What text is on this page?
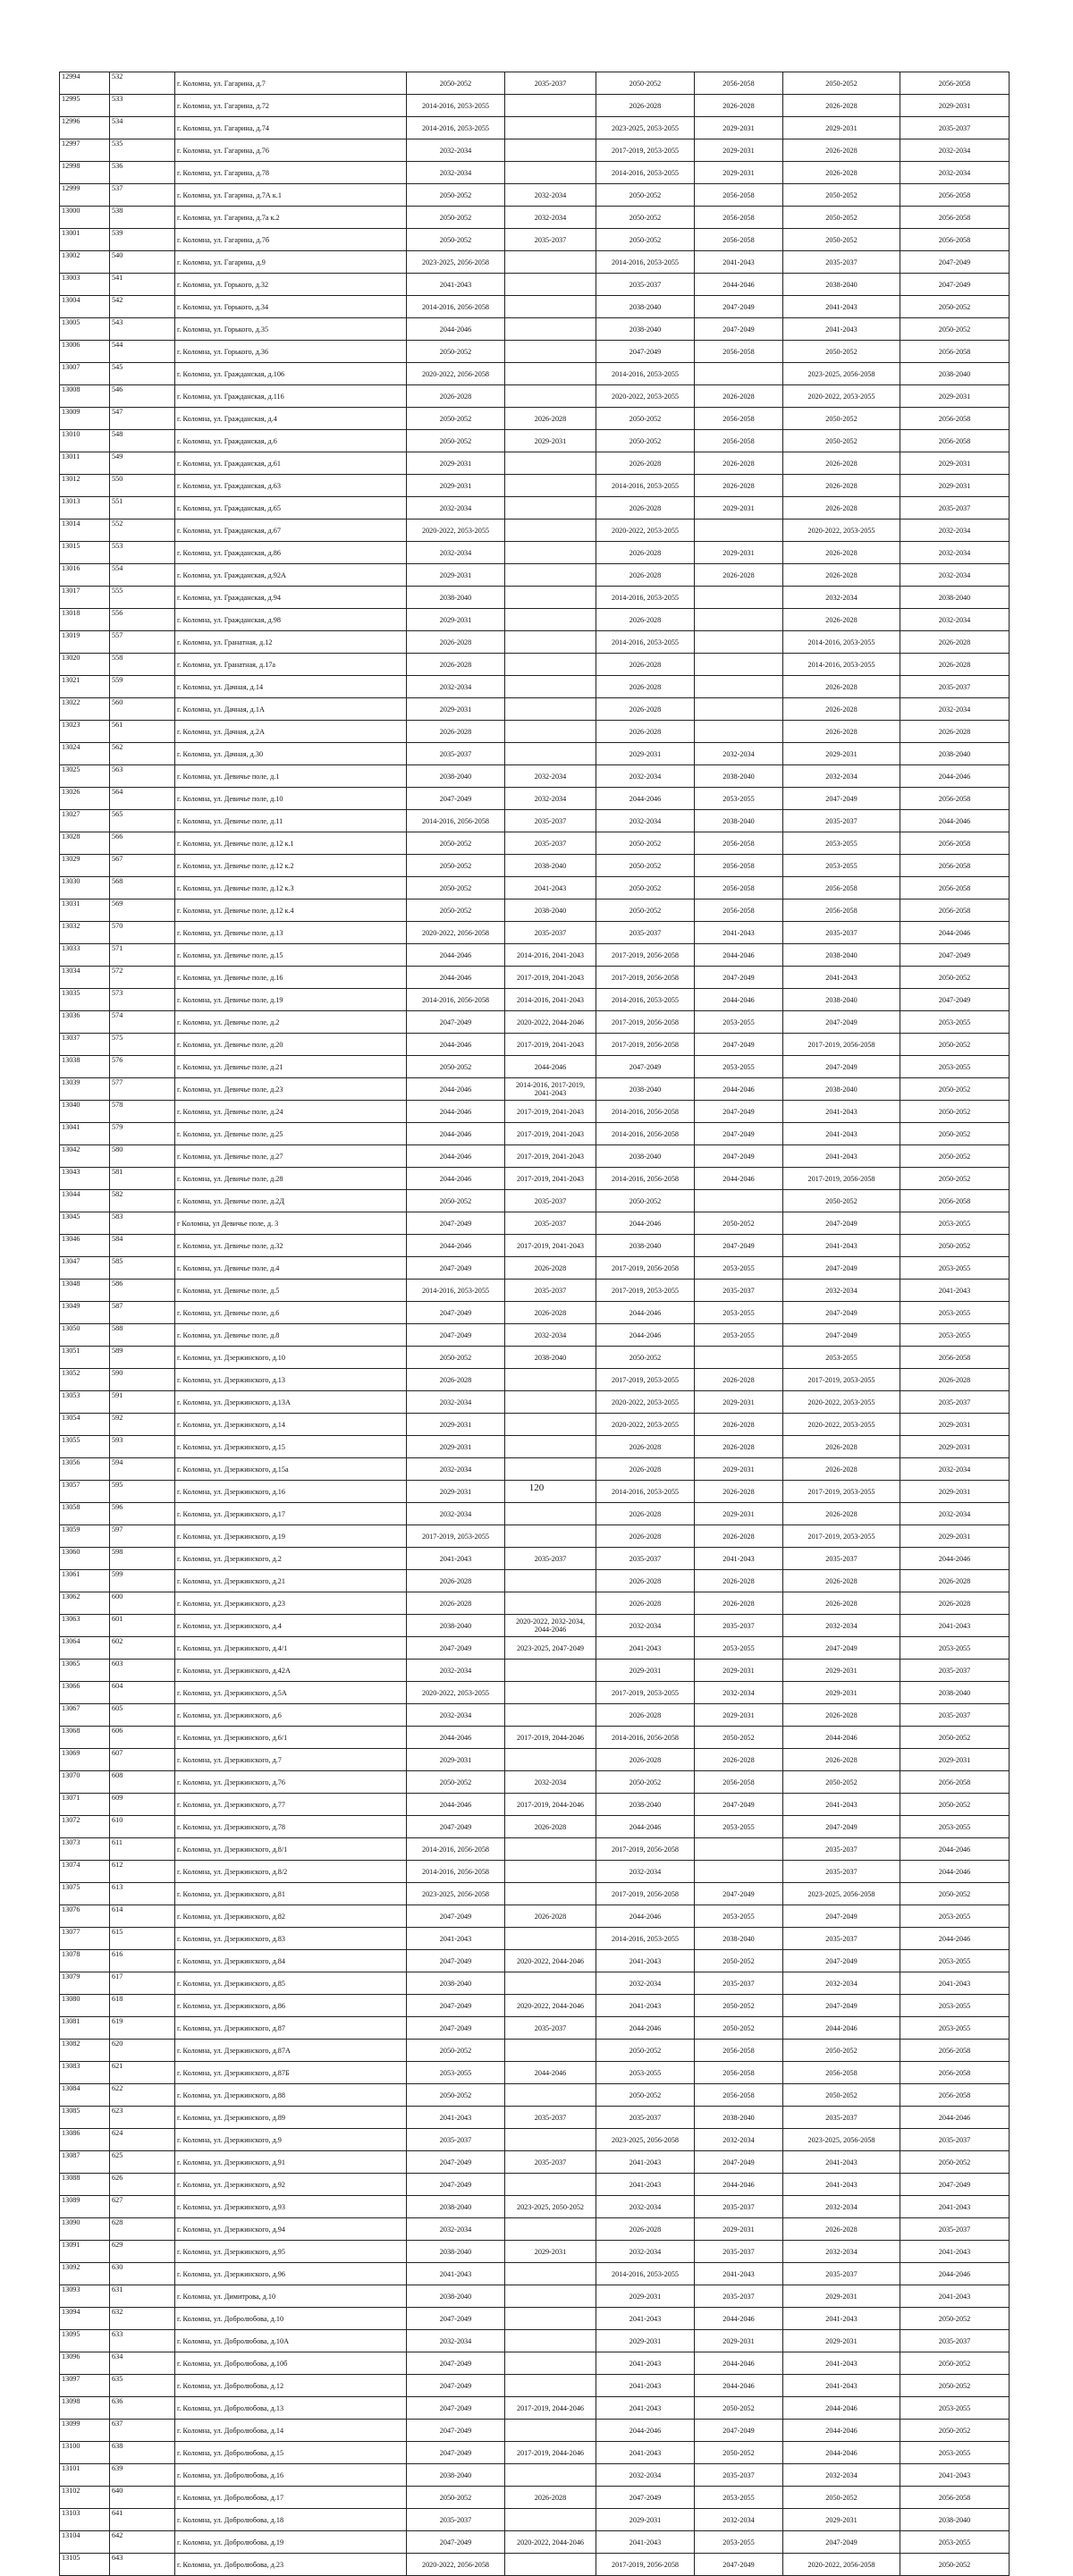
12994	532	г. Коломна, ул. Гагарина, д.7	2050-2052	2035-2037	2050-2052	2056-2058	2050-2052	2056-2058
12995	533	г. Коломна, ул. Гагарина, д.72	2014-2016, 2053-2055		2026-2028	2026-2028	2026-2028	2029-2031
12996	534	г. Коломна, ул. Гагарина, д.74	2014-2016, 2053-2055		2023-2025, 2053-2055	2029-2031	2029-2031	2035-2037
12997	535	г. Коломна, ул. Гагарина, д.76	2032-2034		2017-2019, 2053-2055	2029-2031	2026-2028	2032-2034
12998	536	г. Коломна, ул. Гагарина, д.78	2032-2034		2014-2016, 2053-2055	2029-2031	2026-2028	2032-2034
12999	537	г. Коломна, ул. Гагарина, д.7А к.1	2050-2052	2032-2034	2050-2052	2056-2058	2050-2052	2056-2058
13000	538	г. Коломна, ул. Гагарина, д.7а к.2	2050-2052	2032-2034	2050-2052	2056-2058	2050-2052	2056-2058
13001	539	г. Коломна, ул. Гагарина, д.7б	2050-2052	2035-2037	2050-2052	2056-2058	2050-2052	2056-2058
13002	540	г. Коломна, ул. Гагарина, д.9	2023-2025, 2056-2058		2014-2016, 2053-2055	2041-2043	2035-2037	2047-2049
13003	541	г. Коломна, ул. Горького, д.32	2041-2043		2035-2037	2044-2046	2038-2040	2047-2049
13004	542	г. Коломна, ул. Горького, д.34	2014-2016, 2056-2058		2038-2040	2047-2049	2041-2043	2050-2052
13005	543	г. Коломна, ул. Горького, д.35	2044-2046		2038-2040	2047-2049	2041-2043	2050-2052
13006	544	г. Коломна, ул. Горького, д.36	2050-2052		2047-2049	2056-2058	2050-2052	2056-2058
13007	545	г. Коломна, ул. Гражданская, д.106	2020-2022, 2056-2058		2014-2016, 2053-2055		2023-2025, 2056-2058	2038-2040
13008	546	г. Коломна, ул. Гражданская, д.116	2026-2028		2020-2022, 2053-2055	2026-2028	2020-2022, 2053-2055	2029-2031
13009	547	г. Коломна, ул. Гражданская, д.4	2050-2052	2026-2028	2050-2052	2056-2058	2050-2052	2056-2058
13010	548	г. Коломна, ул. Гражданская, д.6	2050-2052	2029-2031	2050-2052	2056-2058	2050-2052	2056-2058
13011	549	г. Коломна, ул. Гражданская, д.61	2029-2031		2026-2028	2026-2028	2026-2028	2029-2031
13012	550	г. Коломна, ул. Гражданская, д.63	2029-2031		2014-2016, 2053-2055	2026-2028	2026-2028	2029-2031
13013	551	г. Коломна, ул. Гражданская, д.65	2032-2034		2026-2028	2029-2031	2026-2028	2035-2037
13014	552	г. Коломна, ул. Гражданская, д.67	2020-2022, 2053-2055		2020-2022, 2053-2055		2020-2022, 2053-2055	2032-2034
13015	553	г. Коломна, ул. Гражданская, д.86	2032-2034		2026-2028	2029-2031	2026-2028	2032-2034
13016	554	г. Коломна, ул. Гражданская, д.92А	2029-2031		2026-2028	2026-2028	2026-2028	2032-2034
13017	555	г. Коломна, ул. Гражданская, д.94	2038-2040		2014-2016, 2053-2055		2032-2034	2038-2040
13018	556	г. Коломна, ул. Гражданская, д.98	2029-2031		2026-2028		2026-2028	2032-2034
13019	557	г. Коломна, ул. Гранатная, д.12	2026-2028		2014-2016, 2053-2055		2014-2016, 2053-2055	2026-2028
13020	558	г. Коломна, ул. Гранатная, д.17а	2026-2028		2026-2028		2014-2016, 2053-2055	2026-2028
13021	559	г. Коломна, ул. Дачная, д.14	2032-2034		2026-2028		2026-2028	2035-2037
13022	560	г. Коломна, ул. Дачная, д.1А	2029-2031		2026-2028		2026-2028	2032-2034
13023	561	г. Коломна, ул. Дачная, д.2А	2026-2028		2026-2028		2026-2028	2026-2028
13024	562	г. Коломна, ул. Дачная, д.30	2035-2037		2029-2031	2032-2034	2029-2031	2038-2040
13025	563	г. Коломна, ул. Девичье поле, д.1	2038-2040	2032-2034	2032-2034	2038-2040	2032-2034	2044-2046
13026	564	г. Коломна, ул. Девичье поле, д.10	2047-2049	2032-2034	2044-2046	2053-2055	2047-2049	2056-2058
13027	565	г. Коломна, ул. Девичье поле, д.11	2014-2016, 2056-2058	2035-2037	2032-2034	2038-2040	2035-2037	2044-2046
13028	566	г. Коломна, ул. Девичье поле, д.12 к.1	2050-2052	2035-2037	2050-2052	2056-2058	2053-2055	2056-2058
13029	567	г. Коломна, ул. Девичье поле, д.12 к.2	2050-2052	2038-2040	2050-2052	2056-2058	2053-2055	2056-2058
13030	568	г. Коломна, ул. Девичье поле, д.12 к.3	2050-2052	2041-2043	2050-2052	2056-2058	2056-2058	2056-2058
13031	569	г. Коломна, ул. Девичье поле, д.12 к.4	2050-2052	2038-2040	2050-2052	2056-2058	2056-2058	2056-2058
13032	570	г. Коломна, ул. Девичье поле, д.13	2020-2022, 2056-2058	2035-2037	2035-2037	2041-2043	2035-2037	2044-2046
13033	571	г. Коломна, ул. Девичье поле, д.15	2044-2046	2014-2016, 2041-2043	2017-2019, 2056-2058	2044-2046	2038-2040	2047-2049
13034	572	г. Коломна, ул. Девичье поле, д.16	2044-2046	2017-2019, 2041-2043	2017-2019, 2056-2058	2047-2049	2041-2043	2050-2052
13035	573	г. Коломна, ул. Девичье поле, д.19	2014-2016, 2056-2058	2014-2016, 2041-2043	2014-2016, 2053-2055	2044-2046	2038-2040	2047-2049
13036	574	г. Коломна, ул. Девичье поле, д.2	2047-2049	2020-2022, 2044-2046	2017-2019, 2056-2058	2053-2055	2047-2049	2053-2055
13037	575	г. Коломна, ул. Девичье поле, д.20	2044-2046	2017-2019, 2041-2043	2017-2019, 2056-2058	2047-2049	2017-2019, 2056-2058	2050-2052
13038	576	г. Коломна, ул. Девичье поле, д.21	2050-2052	2044-2046	2047-2049	2053-2055	2047-2049	2053-2055
13039	577	г. Коломна, ул. Девичье поле, д.23	2044-2046	2014-2016, 2017-2019, 2041-2043	2038-2040	2044-2046	2038-2040	2050-2052
13040	578	г. Коломна, ул. Девичье поле, д.24	2044-2046	2017-2019, 2041-2043	2014-2016, 2056-2058	2047-2049	2041-2043	2050-2052
13041	579	г. Коломна, ул. Девичье поле, д.25	2044-2046	2017-2019, 2041-2043	2014-2016, 2056-2058	2047-2049	2041-2043	2050-2052
13042	580	г. Коломна, ул. Девичье поле, д.27	2044-2046	2017-2019, 2041-2043	2038-2040	2047-2049	2041-2043	2050-2052
13043	581	г. Коломна, ул. Девичье поле, д.28	2044-2046	2017-2019, 2041-2043	2014-2016, 2056-2058	2044-2046	2017-2019, 2056-2058	2050-2052
13044	582	г. Коломна, ул. Девичье поле, д.2Д	2050-2052	2035-2037	2050-2052		2050-2052	2056-2058
13045	583	г Коломна, ул Девичье поле, д. 3	2047-2049	2035-2037	2044-2046	2050-2052	2047-2049	2053-2055
13046	584	г. Коломна, ул. Девичье поле, д.32	2044-2046	2017-2019, 2041-2043	2038-2040	2047-2049	2041-2043	2050-2052
13047	585	г. Коломна, ул. Девичье поле, д.4	2047-2049	2026-2028	2017-2019, 2056-2058	2053-2055	2047-2049	2053-2055
13048	586	г. Коломна, ул. Девичье поле, д.5	2014-2016, 2053-2055	2035-2037	2017-2019, 2053-2055	2035-2037	2032-2034	2041-2043
13049	587	г. Коломна, ул. Девичье поле, д.6	2047-2049	2026-2028	2044-2046	2053-2055	2047-2049	2053-2055
13050	588	г. Коломна, ул. Девичье поле, д.8	2047-2049	2032-2034	2044-2046	2053-2055	2047-2049	2053-2055
13051	589	г. Коломна, ул. Дзержинского, д.10	2050-2052	2038-2040	2050-2052		2053-2055	2056-2058
13052	590	г. Коломна, ул. Дзержинского, д.13	2026-2028		2017-2019, 2053-2055	2026-2028	2017-2019, 2053-2055	2026-2028
13053	591	г. Коломна, ул. Дзержинского, д.13А	2032-2034		2020-2022, 2053-2055	2029-2031	2020-2022, 2053-2055	2035-2037
13054	592	г. Коломна, ул. Дзержинского, д.14	2029-2031		2020-2022, 2053-2055	2026-2028	2020-2022, 2053-2055	2029-2031
13055	593	г. Коломна, ул. Дзержинского, д.15	2029-2031		2026-2028	2026-2028	2026-2028	2029-2031
13056	594	г. Коломна, ул. Дзержинского, д.15а	2032-2034		2026-2028	2029-2031	2026-2028	2032-2034
13057	595	г. Коломна, ул. Дзержинского, д.16	2029-2031		2014-2016, 2053-2055	2026-2028	2017-2019, 2053-2055	2029-2031
13058	596	г. Коломна, ул. Дзержинского, д.17	2032-2034		2026-2028	2029-2031	2026-2028	2032-2034
13059	597	г. Коломна, ул. Дзержинского, д.19	2017-2019, 2053-2055		2026-2028	2026-2028	2017-2019, 2053-2055	2029-2031
13060	598	г. Коломна, ул. Дзержинского, д.2	2041-2043	2035-2037	2035-2037	2041-2043	2035-2037	2044-2046
13061	599	г. Коломна, ул. Дзержинского, д.21	2026-2028		2026-2028	2026-2028	2026-2028	2026-2028
13062	600	г. Коломна, ул. Дзержинского, д.23	2026-2028		2026-2028	2026-2028	2026-2028	2026-2028
13063	601	г. Коломна, ул. Дзержинского, д.4	2038-2040	2020-2022, 2032-2034, 2044-2046	2032-2034	2035-2037	2032-2034	2041-2043
13064	602	г. Коломна, ул. Дзержинского, д.4/1	2047-2049	2023-2025, 2047-2049	2041-2043	2053-2055	2047-2049	2053-2055
13065	603	г. Коломна, ул. Дзержинского, д.42А	2032-2034		2029-2031	2029-2031	2029-2031	2035-2037
13066	604	г. Коломна, ул. Дзержинского, д.5А	2020-2022, 2053-2055		2017-2019, 2053-2055	2032-2034	2029-2031	2038-2040
13067	605	г. Коломна, ул. Дзержинского, д.6	2032-2034		2026-2028	2029-2031	2026-2028	2035-2037
13068	606	г. Коломна, ул. Дзержинского, д.6/1	2044-2046	2017-2019, 2044-2046	2014-2016, 2056-2058	2050-2052	2044-2046	2050-2052
13069	607	г. Коломна, ул. Дзержинского, д.7	2029-2031		2026-2028	2026-2028	2026-2028	2029-2031
13070	608	г. Коломна, ул. Дзержинского, д.76	2050-2052	2032-2034	2050-2052	2056-2058	2050-2052	2056-2058
13071	609	г. Коломна, ул. Дзержинского, д.77	2044-2046	2017-2019, 2044-2046	2038-2040	2047-2049	2041-2043	2050-2052
13072	610	г. Коломна, ул. Дзержинского, д.78	2047-2049	2026-2028	2044-2046	2053-2055	2047-2049	2053-2055
13073	611	г. Коломна, ул. Дзержинского, д.8/1	2014-2016, 2056-2058		2017-2019, 2056-2058		2035-2037	2044-2046
13074	612	г. Коломна, ул. Дзержинского, д.8/2	2014-2016, 2056-2058		2032-2034		2035-2037	2044-2046
13075	613	г. Коломна, ул. Дзержинского, д.81	2023-2025, 2056-2058		2017-2019, 2056-2058	2047-2049	2023-2025, 2056-2058	2050-2052
13076	614	г. Коломна, ул. Дзержинского, д.82	2047-2049	2026-2028	2044-2046	2053-2055	2047-2049	2053-2055
13077	615	г. Коломна, ул. Дзержинского, д.83	2041-2043		2014-2016, 2053-2055	2038-2040	2035-2037	2044-2046
13078	616	г. Коломна, ул. Дзержинского, д.84	2047-2049	2020-2022, 2044-2046	2041-2043	2050-2052	2047-2049	2053-2055
13079	617	г. Коломна, ул. Дзержинского, д.85	2038-2040		2032-2034	2035-2037	2032-2034	2041-2043
13080	618	г. Коломна, ул. Дзержинского, д.86	2047-2049	2020-2022, 2044-2046	2041-2043	2050-2052	2047-2049	2053-2055
13081	619	г. Коломна, ул. Дзержинского, д.87	2047-2049	2035-2037	2044-2046	2050-2052	2044-2046	2053-2055
13082	620	г. Коломна, ул. Дзержинского, д.87А	2050-2052		2050-2052	2056-2058	2050-2052	2056-2058
13083	621	г. Коломна, ул. Дзержинского, д.87Б	2053-2055	2044-2046	2053-2055	2056-2058	2056-2058	2056-2058
13084	622	г. Коломна, ул. Дзержинского, д.88	2050-2052		2050-2052	2056-2058	2050-2052	2056-2058
13085	623	г. Коломна, ул. Дзержинского, д.89	2041-2043	2035-2037	2035-2037	2038-2040	2035-2037	2044-2046
13086	624	г. Коломна, ул. Дзержинского, д.9	2035-2037		2023-2025, 2056-2058	2032-2034	2023-2025, 2056-2058	2035-2037
13087	625	г. Коломна, ул. Дзержинского, д.91	2047-2049	2035-2037	2041-2043	2047-2049	2041-2043	2050-2052
13088	626	г. Коломна, ул. Дзержинского, д.92	2047-2049		2041-2043	2044-2046	2041-2043	2047-2049
13089	627	г. Коломна, ул. Дзержинского, д.93	2038-2040	2023-2025, 2050-2052	2032-2034	2035-2037	2032-2034	2041-2043
13090	628	г. Коломна, ул. Дзержинского, д.94	2032-2034		2026-2028	2029-2031	2026-2028	2035-2037
13091	629	г. Коломна, ул. Дзержинского, д.95	2038-2040	2029-2031	2032-2034	2035-2037	2032-2034	2041-2043
13092	630	г. Коломна, ул. Дзержинского, д.96	2041-2043		2014-2016, 2053-2055	2041-2043	2035-2037	2044-2046
13093	631	г. Коломна, ул. Димитрова, д.10	2038-2040		2029-2031	2035-2037	2029-2031	2041-2043
13094	632	г. Коломна, ул. Добролюбова, д.10	2047-2049		2041-2043	2044-2046	2041-2043	2050-2052
13095	633	г. Коломна, ул. Добролюбова, д.10А	2032-2034		2029-2031	2029-2031	2029-2031	2035-2037
13096	634	г. Коломна, ул. Добролюбова, д.10б	2047-2049		2041-2043	2044-2046	2041-2043	2050-2052
13097	635	г. Коломна, ул. Добролюбова, д.12	2047-2049		2041-2043	2044-2046	2041-2043	2050-2052
13098	636	г. Коломна, ул. Добролюбова, д.13	2047-2049	2017-2019, 2044-2046	2041-2043	2050-2052	2044-2046	2053-2055
13099	637	г. Коломна, ул. Добролюбова, д.14	2047-2049		2044-2046	2047-2049	2044-2046	2050-2052
13100	638	г. Коломна, ул. Добролюбова, д.15	2047-2049	2017-2019, 2044-2046	2041-2043	2050-2052	2044-2046	2053-2055
13101	639	г. Коломна, ул. Добролюбова, д.16	2038-2040		2032-2034	2035-2037	2032-2034	2041-2043
13102	640	г. Коломна, ул. Добролюбова, д.17	2050-2052	2026-2028	2047-2049	2053-2055	2050-2052	2056-2058
13103	641	г. Коломна, ул. Добролюбова, д.18	2035-2037		2029-2031	2032-2034	2029-2031	2038-2040
13104	642	г. Коломна, ул. Добролюбова, д.19	2047-2049	2020-2022, 2044-2046	2041-2043	2053-2055	2047-2049	2053-2055
13105	643	г. Коломна, ул. Добролюбова, д.23	2020-2022, 2056-2058		2017-2019, 2056-2058	2047-2049	2020-2022, 2056-2058	2050-2052
120
